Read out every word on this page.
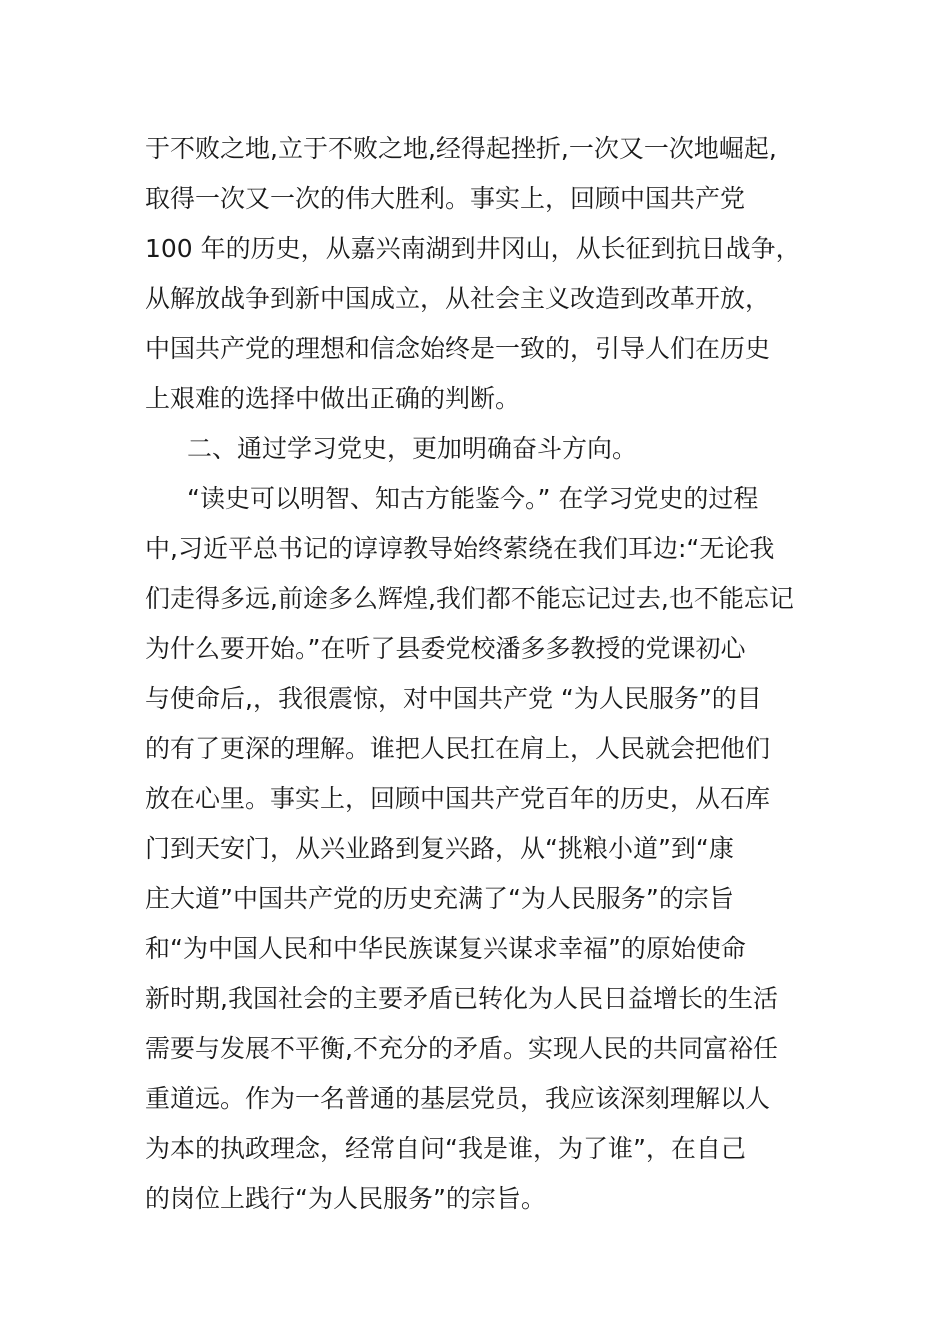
于不败之地,立于不败之地,经得起挫折,一次又一次地崛起,
取得一次又一次的伟大胜利。事实上，回顾中国共产党
100 年的历史，从嘉兴南湖到井冈山，从长征到抗日战争，
从解放战争到新中国成立，从社会主义改造到改革开放，
中国共产党的理想和信念始终是一致的，引导人们在历史
上艰难的选择中做出正确的判断。
二、通过学习党史，更加明确奋斗方向。
“读史可以明智、知古方能鉴今。” 在学习党史的过程
中,习近平总书记的谆谆教导始终萦绕在我们耳边:“无论我
们走得多远,前途多么辉煌,我们都不能忘记过去,也不能忘记
为什么要开始。”在听了县委党校潘多多教授的党课初心
与使命后,，我很震惊，对中国共产党 “为人民服务”的目
的有了更深的理解。谁把人民扛在肩上，人民就会把他们
放在心里。事实上，回顾中国共产党百年的历史，从石库
门到天安门，从兴业路到复兴路，从“挑粮小道”到“康
庄大道”中国共产党的历史充满了“为人民服务”的宗旨
和“为中国人民和中华民族谋复兴谋求幸福”的原始使命
新时期,我国社会的主要矛盾已转化为人民日益增长的生活
需要与发展不平衡,不充分的矛盾。实现人民的共同富裕任
重道远。作为一名普通的基层党员，我应该深刻理解以人
为本的执政理念，经常自问“我是谁，为了谁”，在自己
的岗位上践行“为人民服务”的宗旨。
